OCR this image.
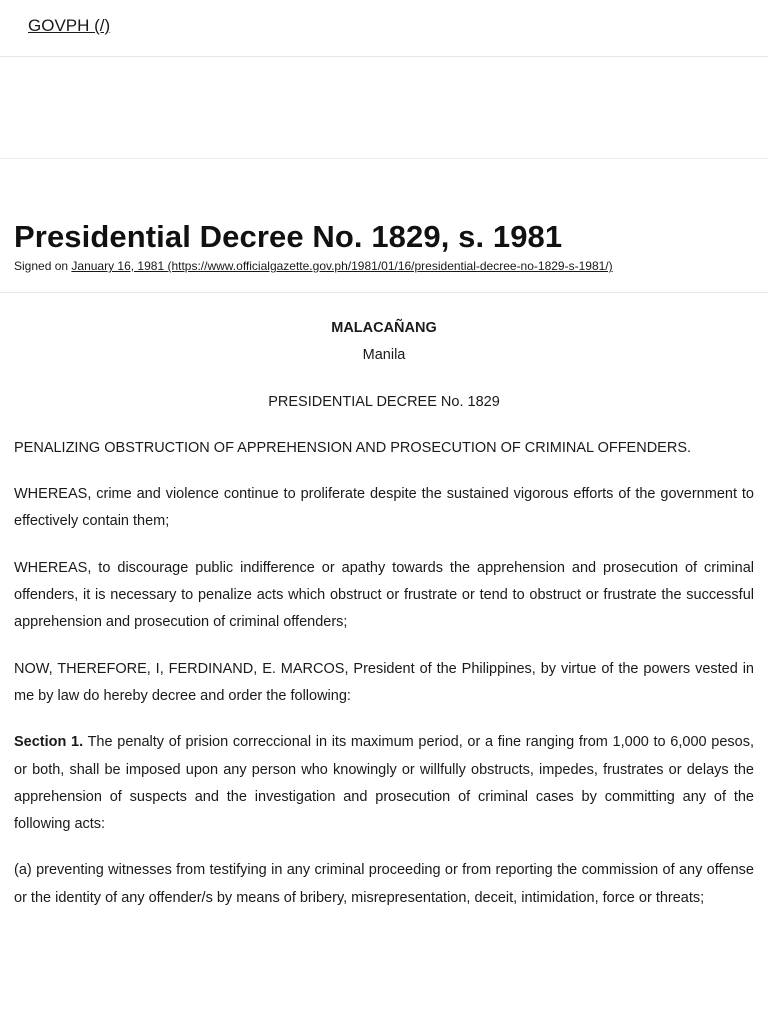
GOVPH (/)
Presidential Decree No. 1829, s. 1981
Signed on January 16, 1981 (https://www.officialgazette.gov.ph/1981/01/16/presidential-decree-no-1829-s-1981/)

MALACAÑANG

Manila

PRESIDENTIAL DECREE No. 1829

PENALIZING OBSTRUCTION OF APPREHENSION AND PROSECUTION OF CRIMINAL OFFENDERS.

WHEREAS, crime and violence continue to proliferate despite the sustained vigorous efforts of the government to effectively contain them;

WHEREAS, to discourage public indifference or apathy towards the apprehension and prosecution of criminal offenders, it is necessary to penalize acts which obstruct or frustrate or tend to obstruct or frustrate the successful apprehension and prosecution of criminal offenders;

NOW, THEREFORE, I, FERDINAND, E. MARCOS, President of the Philippines, by virtue of the powers vested in me by law do hereby decree and order the following:

Section 1. The penalty of prision correccional in its maximum period, or a fine ranging from 1,000 to 6,000 pesos, or both, shall be imposed upon any person who knowingly or willfully obstructs, impedes, frustrates or delays the apprehension of suspects and the investigation and prosecution of criminal cases by committing any of the following acts:

(a) preventing witnesses from testifying in any criminal proceeding or from reporting the commission of any offense or the identity of any offender/s by means of bribery, misrepresentation, deceit, intimidation, force or threats;
